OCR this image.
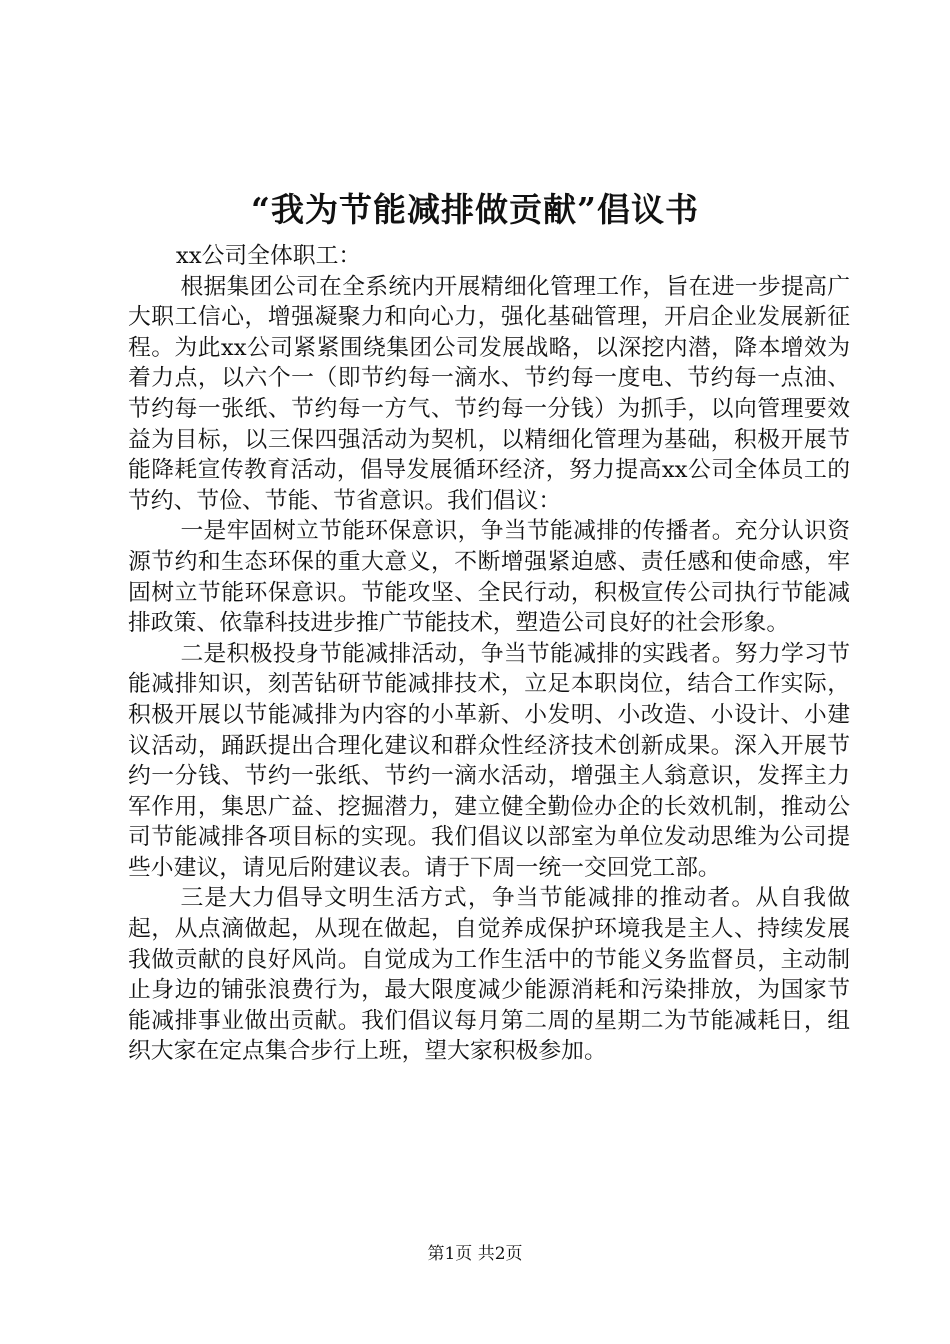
“我为节能减排做贡献”倡议书

xx公司全体职工：

根据集团公司在全系统内开展精细化管理工作，旨在进一步提高广大职工信心，增强凝聚力和向心力，强化基础管理，开启企业发展新征程。为此xx公司紧紧围绕集团公司发展战略，以深挖内潜，降本增效为着力点，以六个一（即节约每一滴水、节约每一度电、节约每一点油、节约每一张纸、节约每一方气、节约每一分钱）为抓手，以向管理要效益为目标，以三保四强活动为契机，以精细化管理为基础，积极开展节能降耗宣传教育活动，倡导发展循环经济，努力提高xx公司全体员工的节约、节俭、节能、节省意识。我们倡议：

一是牢固树立节能环保意识，争当节能减排的传播者。充分认识资源节约和生态环保的重大意义，不断增强紧迫感、责任感和使命感，牢固树立节能环保意识。节能攻坚、全民行动，积极宣传公司执行节能减排政策、依靠科技进步推广节能技术，塑造公司良好的社会形象。

二是积极投身节能减排活动，争当节能减排的实践者。努力学习节能减排知识，刻苦钻研节能减排技术，立足本职岗位，结合工作实际，积极开展以节能减排为内容的小革新、小发明、小改造、小设计、小建议活动，踊跃提出合理化建议和群众性经济技术创新成果。深入开展节约一分钱、节约一张纸、节约一滴水活动，增强主人翁意识，发挥主力军作用，集思广益、挖掘潜力，建立健全勤俭办企的长效机制，推动公司节能减排各项目标的实现。我们倡议以部室为单位发动思维为公司提些小建议，请见后附建议表。请于下周一统一交回党工部。

三是大力倡导文明生活方式，争当节能减排的推动者。从自我做起，从点滴做起，从现在做起，自觉养成保护环境我是主人、持续发展我做贡献的良好风尚。自觉成为工作生活中的节能义务监督员，主动制止身边的铺张浪费行为，最大限度减少能源消耗和污染排放，为国家节能减排事业做出贡献。我们倡议每月第二周的星期二为节能减耗日，组织大家在定点集合步行上班，望大家积极参加。

第1页 共2页
